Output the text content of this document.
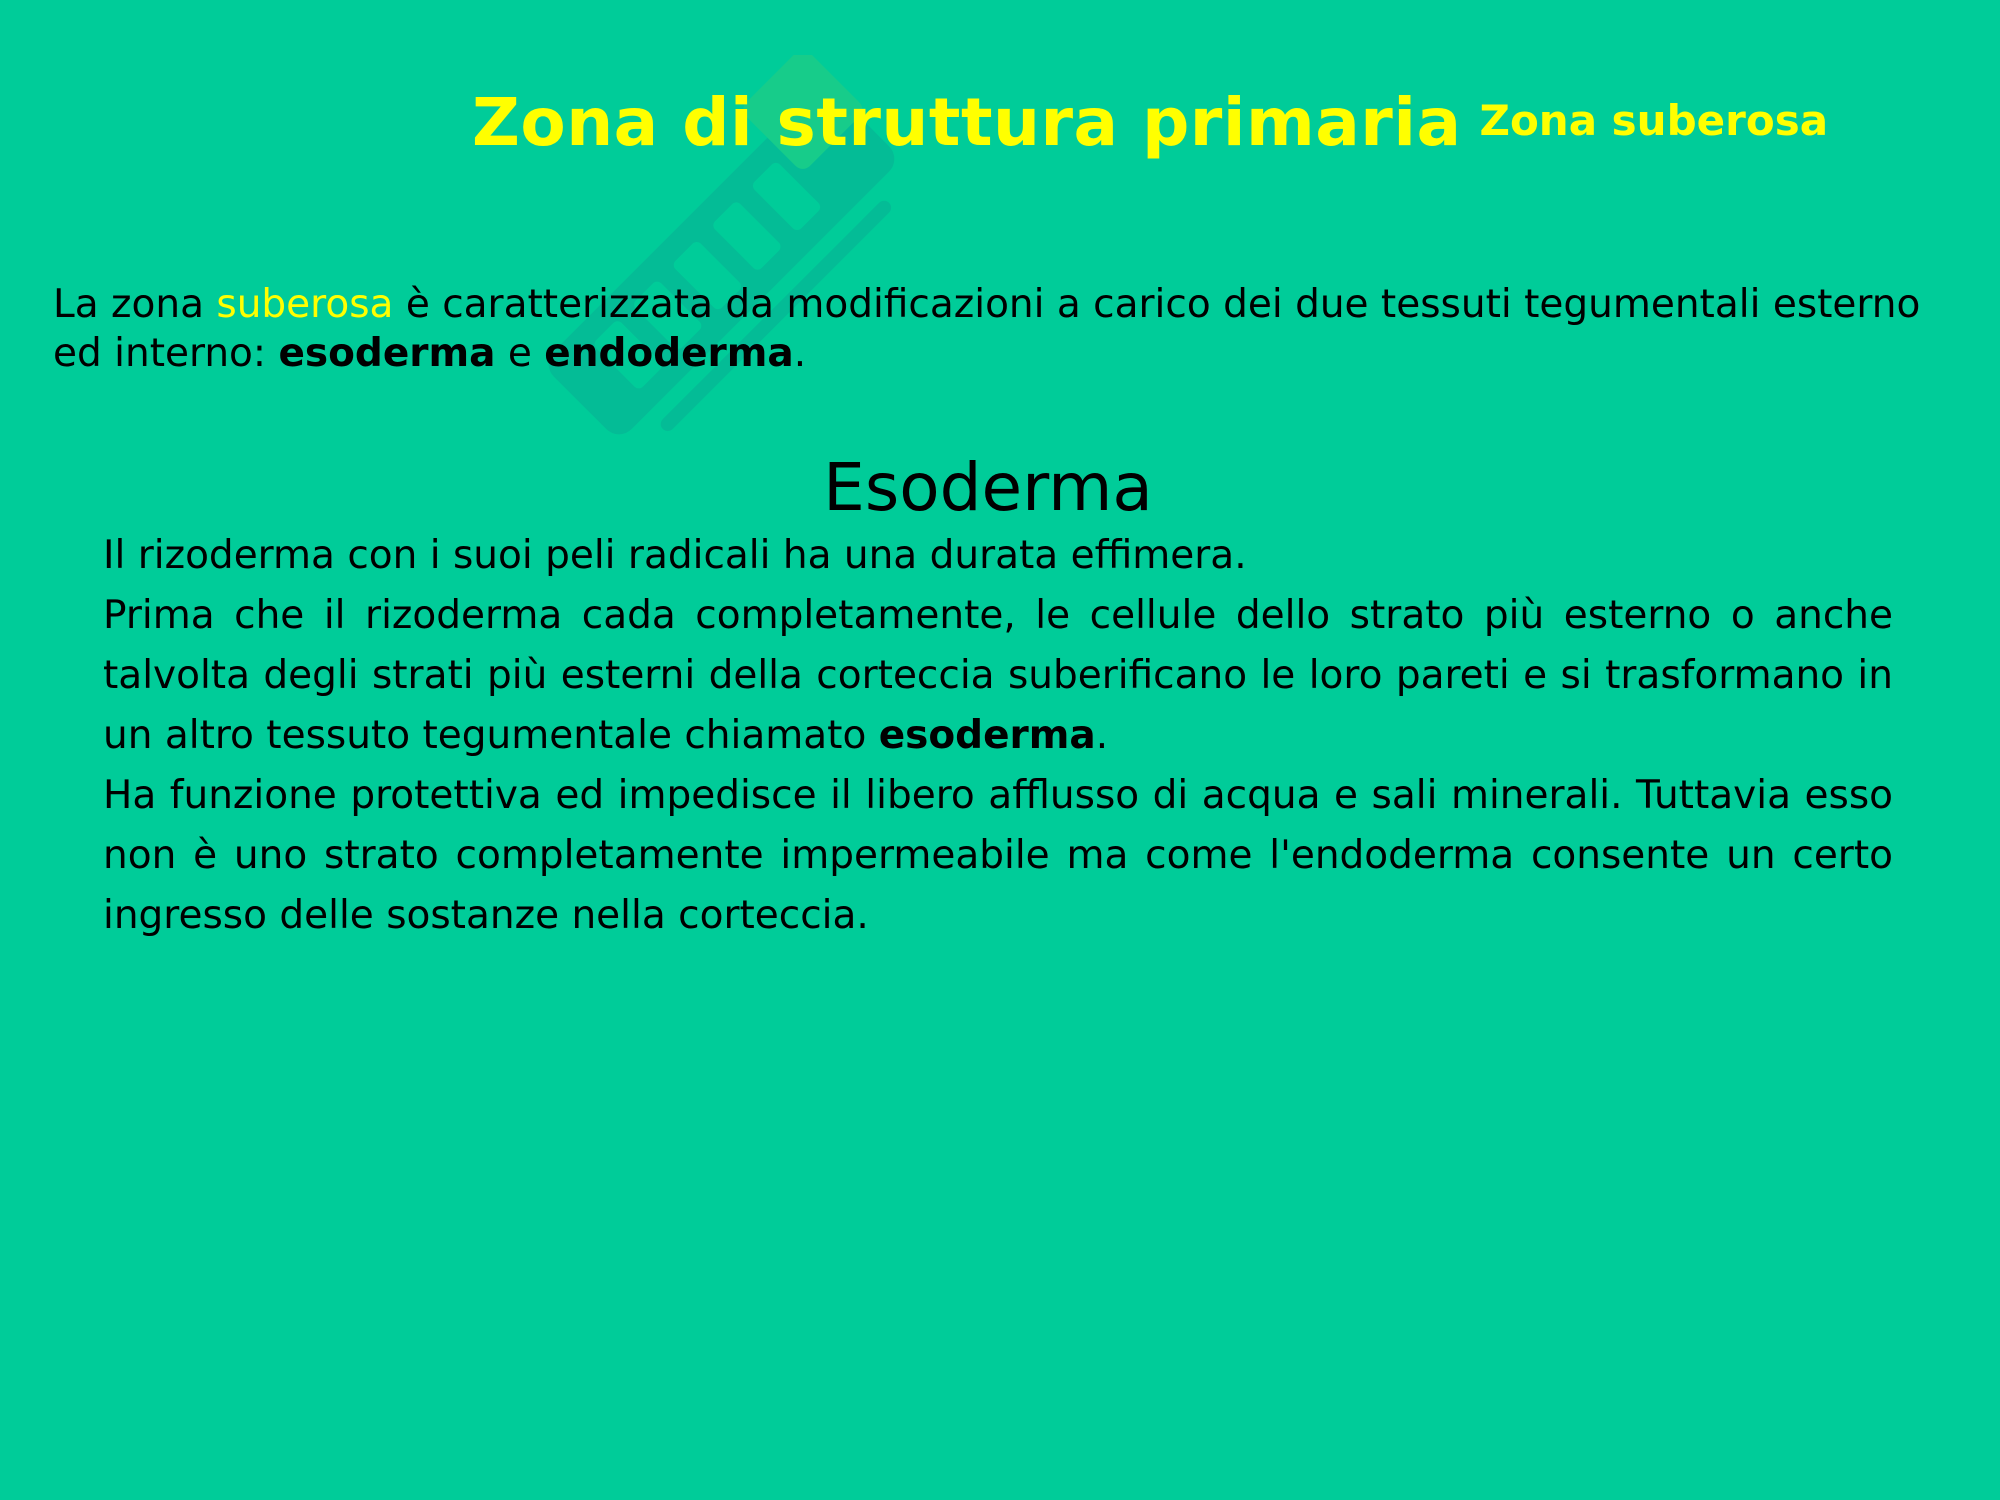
Zona di struttura primaria Zona suberosa
La zona suberosa è caratterizzata da modificazioni a carico dei due tessuti tegumentali esterno ed interno: esoderma e endoderma.
Esoderma

Il rizoderma con i suoi peli radicali ha una durata effimera.

Prima che il rizoderma cada completamente, le cellule dello strato più esterno o anche talvolta degli strati più esterni della corteccia suberificano le loro pareti e si trasformano in un altro tessuto tegumentale chiamato esoderma.

Ha funzione protettiva ed impedisce il libero afflusso di acqua e sali minerali. Tuttavia esso non è uno strato completamente impermeabile ma come l'endoderma consente un certo ingresso delle sostanze nella corteccia.
